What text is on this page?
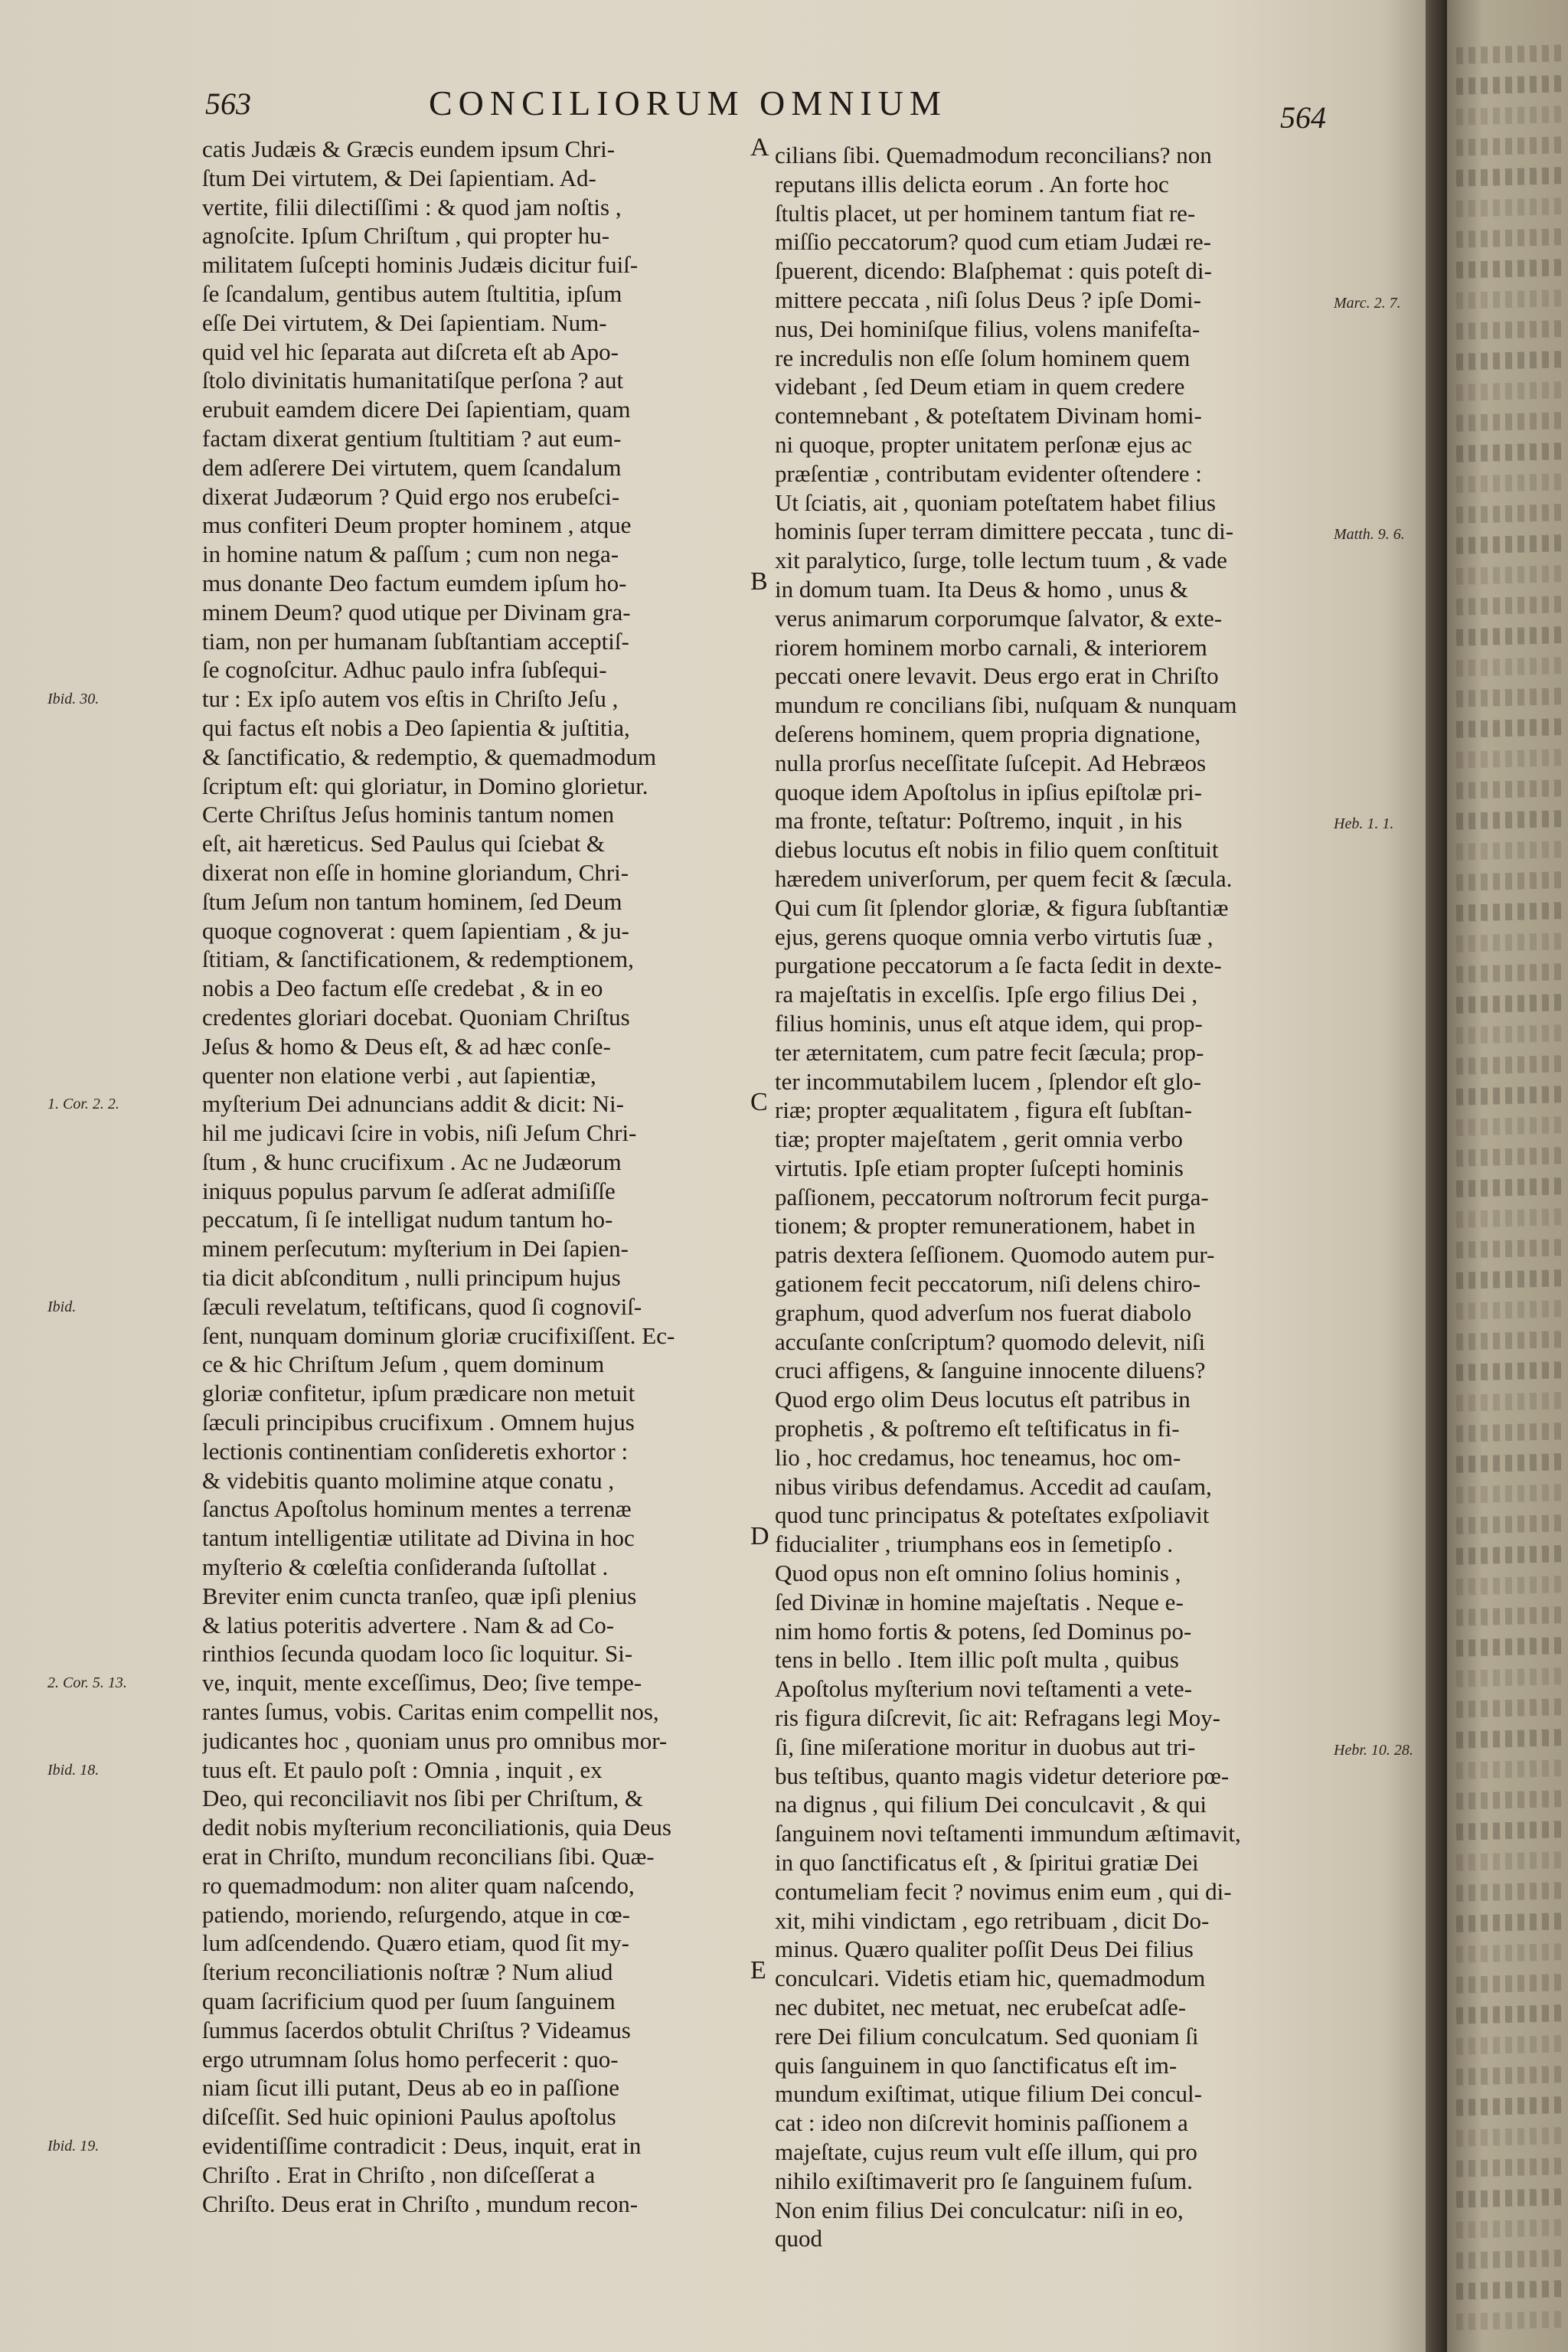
563	CONCILIORUM OMNIUM	564
catis Judæis & Græcis eundem ipsum Chri-
ſtum Dei virtutem, & Dei ſapientiam. Ad-
vertite, filii dilectiſſimi : & quod jam noſtis ,
agnoſcite. Ipſum Chriſtum , qui propter hu-
militatem ſuſcepti hominis Judæis dicitur fuiſ-
ſe ſcandalum, gentibus autem ſtultitia, ipſum
eſſe Dei virtutem, & Dei ſapientiam. Num-
quid vel hic ſeparata aut diſcreta eſt ab Apo-
ſtolo divinitatis humanitatiſque perſona ? aut
erubuit eamdem dicere Dei ſapientiam, quam
factam dixerat gentium ſtultitiam ? aut eum-
dem adſerere Dei virtutem, quem ſcandalum
dixerat Judæorum ? Quid ergo nos erubeſci-
mus confiteri Deum propter hominem , atque
in homine natum & paſſum ; cum non nega-
mus donante Deo factum eumdem ipſum ho-
minem Deum? quod utique per Divinam gra-
tiam, non per humanam ſubſtantiam acceptiſ-
ſe cognoſcitur. Adhuc paulo infra ſubſequi-
tur : Ex ipſo autem vos eſtis in Chriſto Jeſu ,
qui factus eſt nobis a Deo ſapientia & juſtitia,
& ſanctificatio, & redemptio, & quemadmodum
ſcriptum eſt: qui gloriatur, in Domino glorietur.
Certe Chriſtus Jeſus hominis tantum nomen
eſt, ait hæreticus. Sed Paulus qui ſciebat &
dixerat non eſſe in homine gloriandum, Chri-
ſtum Jeſum non tantum hominem, ſed Deum
quoque cognoverat : quem ſapientiam , & ju-
ſtitiam, & ſanctificationem, & redemptionem,
nobis a Deo factum eſſe credebat , & in eo
credentes gloriari docebat. Quoniam Chriſtus
Jeſus & homo & Deus eſt, & ad hæc conſe-
quenter non elatione verbi , aut ſapientiæ,
myſterium Dei adnuncians addit & dicit: Ni-
hil me judicavi ſcire in vobis, niſi Jeſum Chri-
ſtum , & hunc crucifixum . Ac ne Judæorum
iniquus populus parvum ſe adſerat admiſiſſe
peccatum, ſi ſe intelligat nudum tantum ho-
minem perſecutum: myſterium in Dei ſapien-
tia dicit abſconditum , nulli principum hujus
ſæculi revelatum, teſtificans, quod ſi cognoviſ-
ſent, nunquam dominum gloriæ crucifixiſſent. Ec-
ce & hic Chriſtum Jeſum , quem dominum
gloriæ confitetur, ipſum prædicare non metuit
ſæculi principibus crucifixum . Omnem hujus
lectionis continentiam conſideretis exhortor :
& videbitis quanto molimine atque conatu ,
ſanctus Apoſtolus hominum mentes a terrenæ
tantum intelligentiæ utilitate ad Divina in hoc
myſterio & cœleſtia conſideranda ſuſtollat .
Breviter enim cuncta tranſeo, quæ ipſi plenius
& latius poteritis advertere . Nam & ad Co-
rinthios ſecunda quodam loco ſic loquitur. Si-
ve, inquit, mente exceſſimus, Deo; ſive tempe-
rantes ſumus, vobis. Caritas enim compellit nos,
judicantes hoc , quoniam unus pro omnibus mor-
tuus eſt. Et paulo poſt : Omnia , inquit , ex
Deo, qui reconciliavit nos ſibi per Chriſtum, &
dedit nobis myſterium reconciliationis, quia Deus
erat in Chriſto, mundum reconcilians ſibi. Quæ-
ro quemadmodum: non aliter quam naſcendo,
patiendo, moriendo, reſurgendo, atque in cœ-
lum adſcendendo. Quæro etiam, quod ſit my-
ſterium reconciliationis noſtræ ? Num aliud
quam ſacrificium quod per ſuum ſanguinem
ſummus ſacerdos obtulit Chriſtus ? Videamus
ergo utrumnam ſolus homo perfecerit : quo-
niam ſicut illi putant, Deus ab eo in paſſione
diſceſſit. Sed huic opinioni Paulus apoſtolus
evidentiſſime contradicit : Deus, inquit, erat in
Chriſto . Erat in Chriſto , non diſceſſerat a
Chriſto. Deus erat in Chriſto , mundum recon-
cilians ſibi. Quemadmodum reconcilians? non
reputans illis delicta eorum . An forte hoc
ſtultis placet, ut per hominem tantum fiat re-
miſſio peccatorum? quod cum etiam Judæi re-
ſpuerent, dicendo: Blaſphemat : quis poteſt di-
mittere peccata , niſi ſolus Deus ? ipſe Domi-
nus, Dei hominiſque filius, volens manifeſta-
re incredulis non eſſe ſolum hominem quem
videbant , ſed Deum etiam in quem credere
contemnebant , & poteſtatem Divinam homi-
ni quoque, propter unitatem perſonæ ejus ac
præſentiæ , contributam evidenter oſtendere :
Ut ſciatis, ait , quoniam poteſtatem habet filius
hominis ſuper terram dimittere peccata , tunc di-
xit paralytico, ſurge, tolle lectum tuum , & vade
in domum tuam. Ita Deus & homo , unus &
verus animarum corporumque ſalvator, & exte-
riorem hominem morbo carnali, & interiorem
peccati onere levavit. Deus ergo erat in Chriſto
mundum re concilians ſibi, nuſquam & nunquam
deſerens hominem, quem propria dignatione,
nulla prorſus neceſſitate ſuſcepit. Ad Hebræos
quoque idem Apoſtolus in ipſius epiſtolæ pri-
ma fronte, teſtatur: Poſtremo, inquit , in his
diebus locutus eſt nobis in filio quem conſtituit
hæredem univerſorum, per quem fecit & ſæcula.
Qui cum ſit ſplendor gloriæ, & figura ſubſtantiæ
ejus, gerens quoque omnia verbo virtutis ſuæ ,
purgatione peccatorum a ſe facta ſedit in dexte-
ra majeſtatis in excelſis. Ipſe ergo filius Dei ,
filius hominis, unus eſt atque idem, qui prop-
ter æternitatem, cum patre fecit ſæcula; prop-
ter incommutabilem lucem , ſplendor eſt glo-
riæ; propter æqualitatem , figura eſt ſubſtan-
tiæ; propter majeſtatem , gerit omnia verbo
virtutis. Ipſe etiam propter ſuſcepti hominis
paſſionem, peccatorum noſtrorum fecit purga-
tionem; & propter remunerationem, habet in
patris dextera ſeſſionem. Quomodo autem pur-
gationem fecit peccatorum, niſi delens chiro-
graphum, quod adverſum nos fuerat diabolo
accuſante conſcriptum? quomodo delevit, niſi
cruci affigens, & ſanguine innocente diluens?
Quod ergo olim Deus locutus eſt patribus in
prophetis , & poſtremo eſt teſtificatus in fi-
lio , hoc credamus, hoc teneamus, hoc om-
nibus viribus defendamus. Accedit ad cauſam,
quod tunc principatus & poteſtates exſpoliavit
fiducialiter , triumphans eos in ſemetipſo .
Quod opus non eſt omnino ſolius hominis ,
ſed Divinæ in homine majeſtatis . Neque e-
nim homo fortis & potens, ſed Dominus po-
tens in bello . Item illic poſt multa , quibus
Apoſtolus myſterium novi teſtamenti a vete-
ris figura diſcrevit, ſic ait: Refragans legi Moy-
ſi, ſine miſeratione moritur in duobus aut tri-
bus teſtibus, quanto magis videtur deteriore pœ-
na dignus , qui filium Dei conculcavit , & qui
ſanguinem novi teſtamenti immundum æſtimavit,
in quo ſanctificatus eſt , & ſpiritui gratiæ Dei
contumeliam fecit ? novimus enim eum , qui di-
xit, mihi vindictam , ego retribuam , dicit Do-
minus. Quæro qualiter poſſit Deus Dei filius
conculcari. Videtis etiam hic, quemadmodum
nec dubitet, nec metuat, nec erubeſcat adſe-
rere Dei filium conculcatum. Sed quoniam ſi
quis ſanguinem in quo ſanctificatus eſt im-
mundum exiſtimat, utique filium Dei concul-
cat : ideo non diſcrevit hominis paſſionem a
majeſtate, cujus reum vult eſſe illum, qui pro
nihilo exiſtimaverit pro ſe ſanguinem fuſum.
Non enim filius Dei conculcatur: niſi in eo,
quod
Ibid. 30.
1. Cor. 2. 2.
Ibid.
2. Cor. 5. 13.
Ibid. 18.
Ibid. 19.
Marc. 2. 7.
Matth. 9. 6.
Heb. 1. 1.
Hebr. 10. 28.
A
B
C
D
E
